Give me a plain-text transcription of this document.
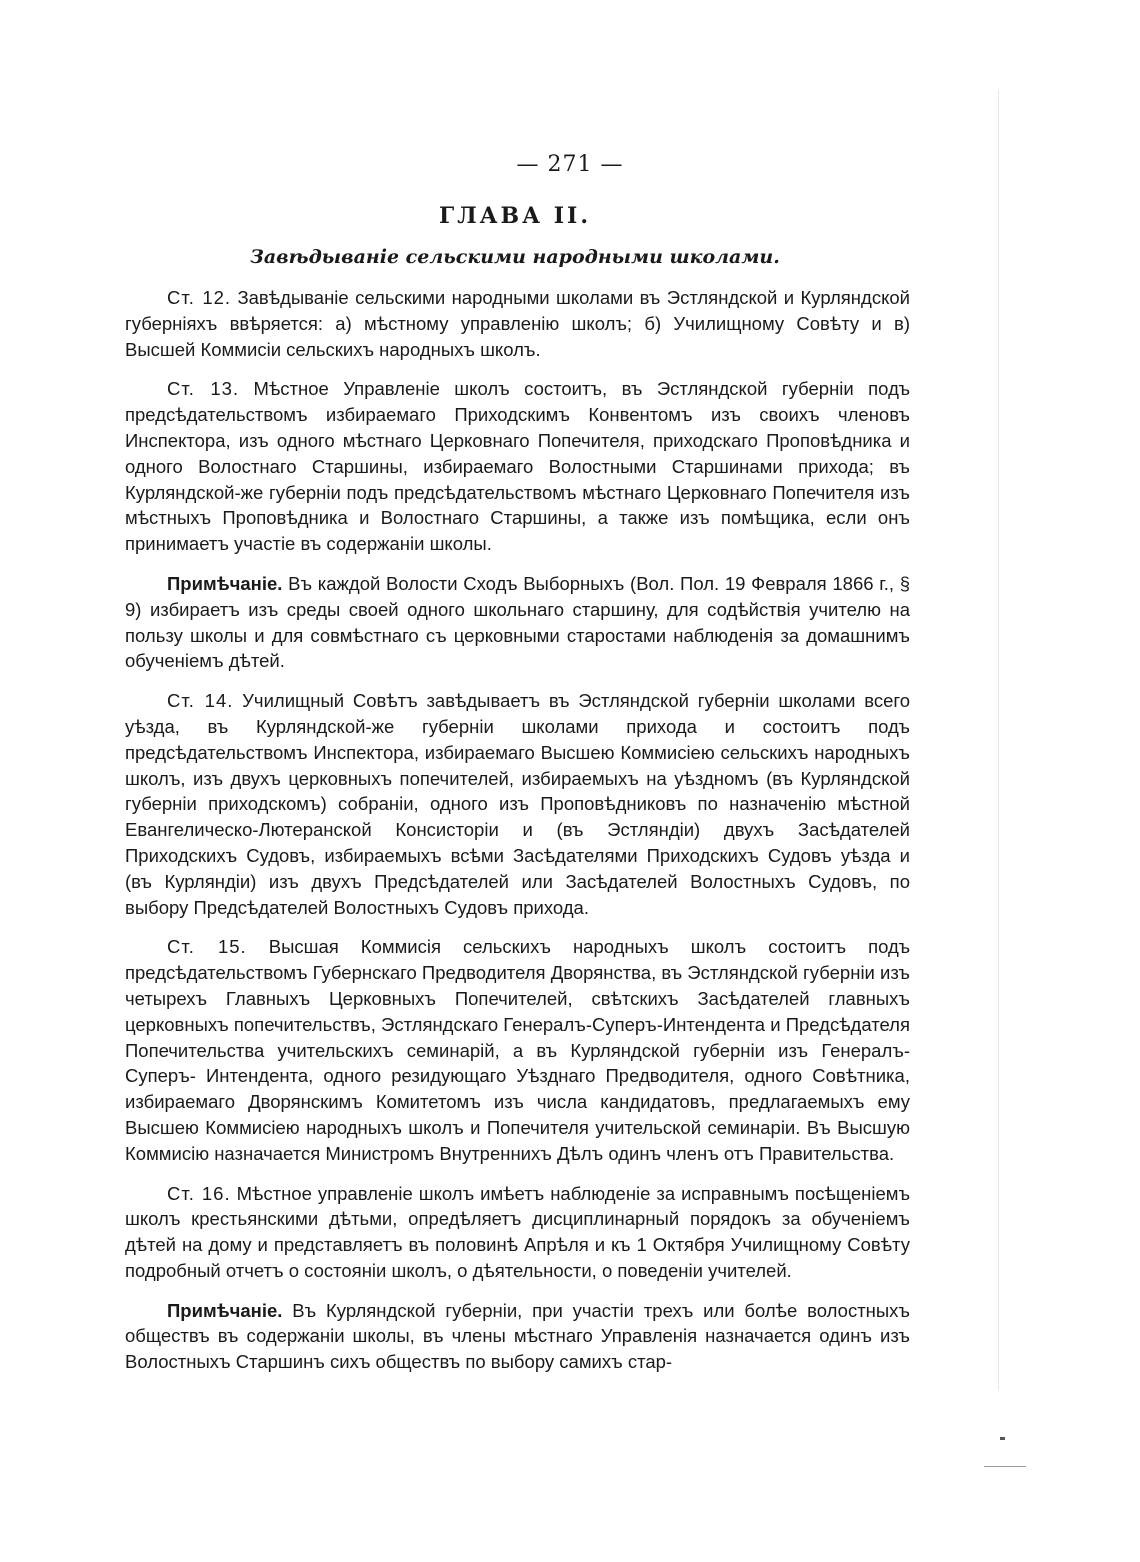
— 271 —
ГЛАВА II.
Завѣдываніе сельскими народными школами.

Ст. 12. Завѣдываніе сельскими народными школами въ Эстляндской и Курляндской губерніяхъ ввѣряется: а) мѣстному управленію школъ; б) Училищному Совѣту и в) Высшей Коммисіи сельскихъ народныхъ школъ.

Ст. 13. Мѣстное Управленіе школъ состоитъ, въ Эстляндской губерніи подъ предсѣдательствомъ избираемаго Приходскимъ Конвентомъ изъ своихъ членовъ Инспектора, изъ одного мѣстнаго Церковнаго Попечителя, приходскаго Проповѣдника и одного Волостнаго Старшины, избираемаго Волостными Старшинами прихода; въ Курляндской-же губерніи подъ предсѣдательствомъ мѣстнаго Церковнаго Попечителя изъ мѣстныхъ Проповѣдника и Волостнаго Старшины, а также изъ помѣщика, если онъ принимаетъ участіе въ содержаніи школы.

Примѣчаніе. Въ каждой Волости Сходъ Выборныхъ (Вол. Пол. 19 Февраля 1866 г., § 9) избираетъ изъ среды своей одного школьнаго старшину, для содѣйствія учителю на пользу школы и для совмѣстнаго съ церковными старостами наблюденія за домашнимъ обученіемъ дѣтей.

Ст. 14. Училищный Совѣтъ завѣдываетъ въ Эстляндской губерніи школами всего уѣзда, въ Курляндской-же губерніи школами прихода и состоитъ подъ предсѣдательствомъ Инспектора, избираемаго Высшею Коммисіею сельскихъ народныхъ школъ, изъ двухъ церковныхъ попечителей, избираемыхъ на уѣздномъ (въ Курляндской губерніи приходскомъ) собраніи, одного изъ Проповѣдниковъ по назначенію мѣстной Евангелическо-Лютеранской Консисторіи и (въ Эстляндіи) двухъ Засѣдателей Приходскихъ Судовъ, избираемыхъ всѣми Засѣдателями Приходскихъ Судовъ уѣзда и (въ Курляндіи) изъ двухъ Предсѣдателей или Засѣдателей Волостныхъ Судовъ, по выбору Предсѣдателей Волостныхъ Судовъ прихода.

Ст. 15. Высшая Коммисія сельскихъ народныхъ школъ состоитъ подъ предсѣдательствомъ Губернскаго Предводителя Дворянства, въ Эстляндской губерніи изъ четырехъ Главныхъ Церковныхъ Попечителей, свѣтскихъ Засѣдателей главныхъ церковныхъ попечительствъ, Эстляндскаго Генералъ-Суперъ-Интендента и Предсѣдателя Попечительства учительскихъ семинарій, а въ Курляндской губерніи изъ Генералъ-Суперъ- Интендента, одного резидующаго Уѣзднаго Предводителя, одного Совѣтника, избираемаго Дворянскимъ Комитетомъ изъ числа кандидатовъ, предлагаемыхъ ему Высшею Коммисіею народныхъ школъ и Попечителя учительской семинаріи. Въ Высшую Коммисію назначается Министромъ Внутреннихъ Дѣлъ одинъ членъ отъ Правительства.

Ст. 16. Мѣстное управленіе школъ имѣетъ наблюденіе за исправнымъ посѣщеніемъ школъ крестьянскими дѣтьми, опредѣляетъ дисциплинарный порядокъ за обученіемъ дѣтей на дому и представляетъ въ половинѣ Апрѣля и къ 1 Октября Училищному Совѣту подробный отчетъ о состояніи школъ, о дѣятельности, о поведеніи учителей.

Примѣчаніе. Въ Курляндской губерніи, при участіи трехъ или болѣе волостныхъ обществъ въ содержаніи школы, въ члены мѣстнаго Управленія назначается одинъ изъ Волостныхъ Старшинъ сихъ обществъ по выбору самихъ стар-
